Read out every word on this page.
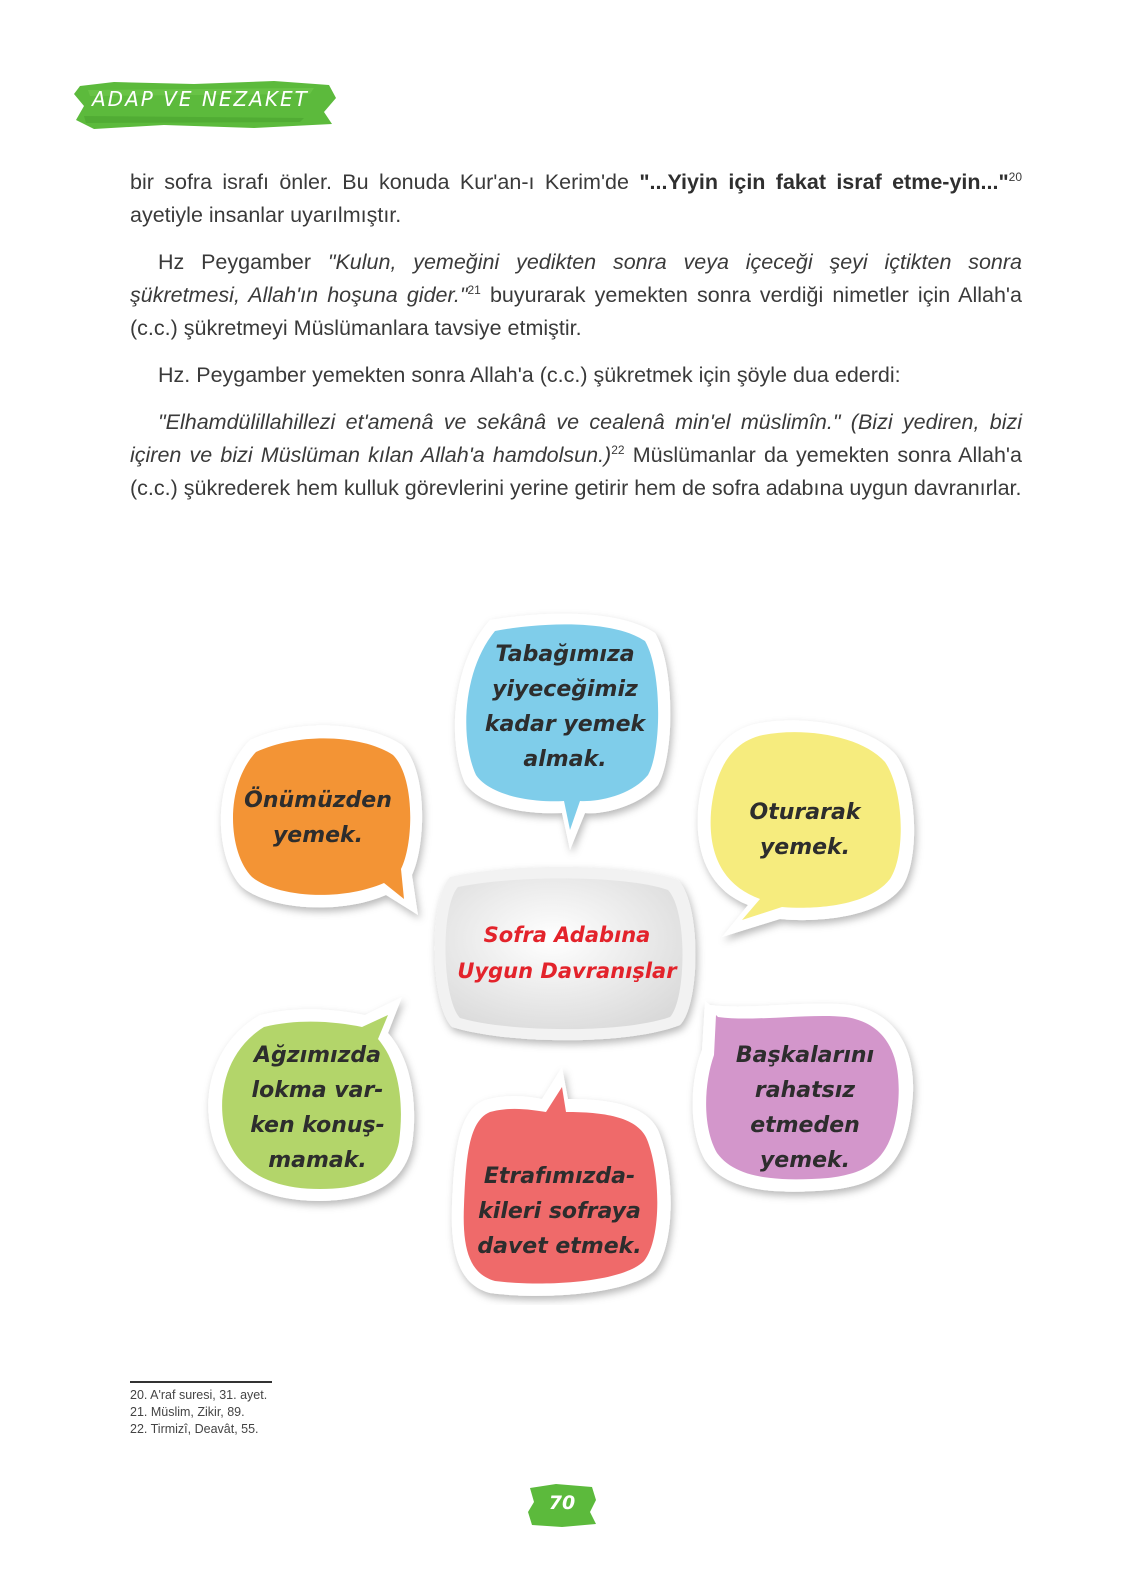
ADAP VE NEZAKET

bir sofra israfı önler. Bu konuda Kur'an-ı Kerim'de "...Yiyin için fakat israf etme-yin..."$^{20}$ ayetiyle insanlar uyarılmıştır.

Hz Peygamber "Kulun, yemeğini yedikten sonra veya içeceği şeyi içtikten sonra şükretmesi, Allah'ın hoşuna gider."$^{21}$ buyurarak yemekten sonra verdiği nimetler için Allah'a (c.c.) şükretmeyi Müslümanlara tavsiye etmiştir.

Hz. Peygamber yemekten sonra Allah'a (c.c.) şükretmek için şöyle dua ederdi:

"Elhamdülillahillezi et'amenâ ve sekânâ ve cealenâ min'el müslimîn." (Bizi yediren, bizi içiren ve bizi Müslüman kılan Allah'a hamdolsun.)$^{22}$ Müslümanlar da yemekten sonra Allah'a (c.c.) şükrederek hem kulluk görevlerini yerine getirir hem de sofra adabına uygun davranırlar.

Tabağımıza
yiyeceğimiz
kadar yemek
almak.
Oturarak
yemek.
Başkalarını
rahatsız
etmeden
yemek.
Etrafımızda-
kileri sofraya
davet etmek.
Ağzımızda
lokma var-
ken konuş-
mamak.
Önümüzden
yemek.
Sofra Adabına
Uygun Davranışlar
20. A'raf suresi, 31. ayet.
21. Müslim, Zikir, 89.
22. Tirmizî, Deavât, 55.
70
